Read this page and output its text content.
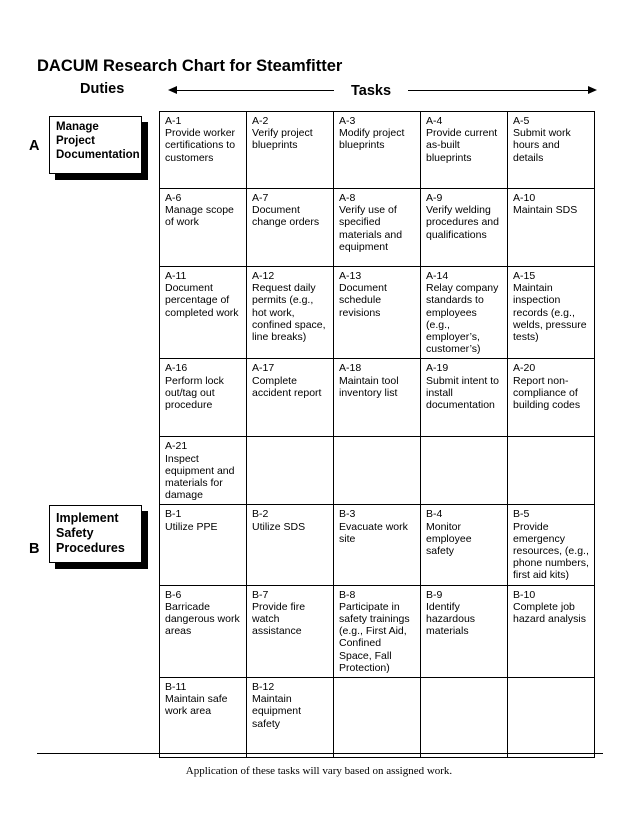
DACUM Research Chart for Steamfitter
Duties	Tasks
A
Manage
Project
Documentation
B
Implement
Safety
Procedures
A-1
Provide worker certifications to customers	A-2
Verify project blueprints	A-3
Modify project blueprints	A-4
Provide current as-built blueprints	A-5
Submit work hours and details

A-6
Manage scope of work	A-7
Document change orders	A-8
Verify use of specified materials and equipment	A-9
Verify welding procedures and qualifications	A-10
Maintain SDS

A-11
Document percentage of completed work	A-12
Request daily permits (e.g., hot work, confined space, line breaks)	A-13
Document schedule revisions	A-14
Relay company standards to employees (e.g., employer’s, customer’s)	A-15
Maintain inspection records (e.g., welds, pressure tests)

A-16
Perform lock out/tag out procedure	A-17
Complete accident report	A-18
Maintain tool inventory list	A-19
Submit intent to install documentation	A-20
Report non-compliance of building codes

A-21
Inspect equipment and materials for damage				

B-1
Utilize PPE	B-2
Utilize SDS	B-3
Evacuate work site	B-4
Monitor employee safety	B-5
Provide emergency resources, (e.g., phone numbers, first aid kits)

B-6
Barricade dangerous work areas	B-7
Provide fire watch assistance	B-8
Participate in safety trainings (e.g., First Aid, Confined Space, Fall Protection)	B-9
Identify hazardous materials	B-10
Complete job hazard analysis

B-11
Maintain safe work area	B-12
Maintain equipment safety			

Application of these tasks will vary based on assigned work.
